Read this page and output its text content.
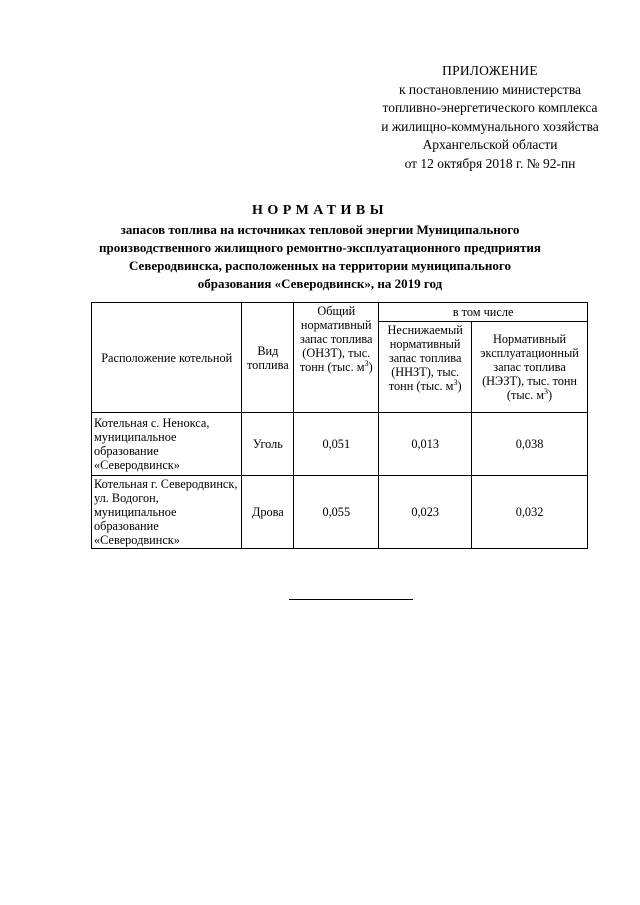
ПРИЛОЖЕНИЕ
к постановлению министерства
топливно-энергетического комплекса
и жилищно-коммунального хозяйства
Архангельской области
от 12 октября 2018 г. № 92-пн
НОРМАТИВЫ
запасов топлива на источниках тепловой энергии Муниципального
производственного жилищного ремонтно-эксплуатационного предприятия
Северодвинска, расположенных на территории муниципального
образования «Северодвинск», на 2019 год
Расположение котельной	Вид топлива	Общий нормативный запас топлива (ОНЗТ), тыс. тонн (тыс. $м^3$)	в том числе	
			Неснижаемый нормативный запас топлива (ННЗТ), тыс. тонн (тыс. $м^3$)	Нормативный эксплуатационный запас топлива (НЭЗТ), тыс. тонн (тыс. $м^3$)
Котельная с. Ненокса, муниципальное образование «Северодвинск»	Уголь	0,051	0,013	0,038
Котельная г. Северодвинск, ул. Водогон, муниципальное образование «Северодвинск»	Дрова	0,055	0,023	0,032
